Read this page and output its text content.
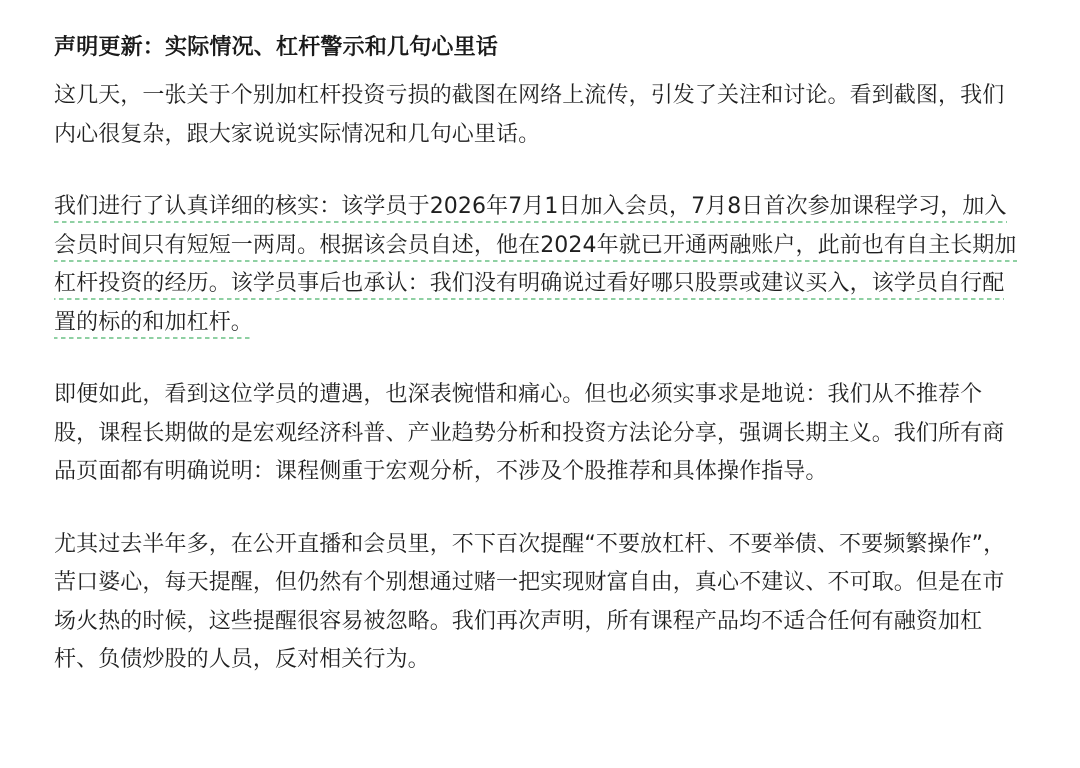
声明更新：实际情况、杠杆警示和几句心里话

这几天，一张关于个别加杠杆投资亏损的截图在网络上流传，引发了关注和讨论。看到截图，我们内心很复杂，跟大家说说实际情况和几句心里话。

我们进行了认真详细的核实：该学员于2026年7月1日加入会员，7月8日首次参加课程学习，加入会员时间只有短短一两周。根据该会员自述，他在2024年就已开通两融账户，此前也有自主长期加杠杆投资的经历。该学员事后也承认：我们没有明确说过看好哪只股票或建议买入，该学员自行配置的标的和加杠杆。

即便如此，看到这位学员的遭遇，也深表惋惜和痛心。但也必须实事求是地说：我们从不推荐个股，课程长期做的是宏观经济科普、产业趋势分析和投资方法论分享，强调长期主义。我们所有商品页面都有明确说明：课程侧重于宏观分析，不涉及个股推荐和具体操作指导。

尤其过去半年多，在公开直播和会员里，不下百次提醒“不要放杠杆、不要举债、不要频繁操作”，苦口婆心，每天提醒，但仍然有个别想通过赌一把实现财富自由，真心不建议、不可取。但是在市场火热的时候，这些提醒很容易被忽略。我们再次声明，所有课程产品均不适合任何有融资加杠杆、负债炒股的人员，反对相关行为。
